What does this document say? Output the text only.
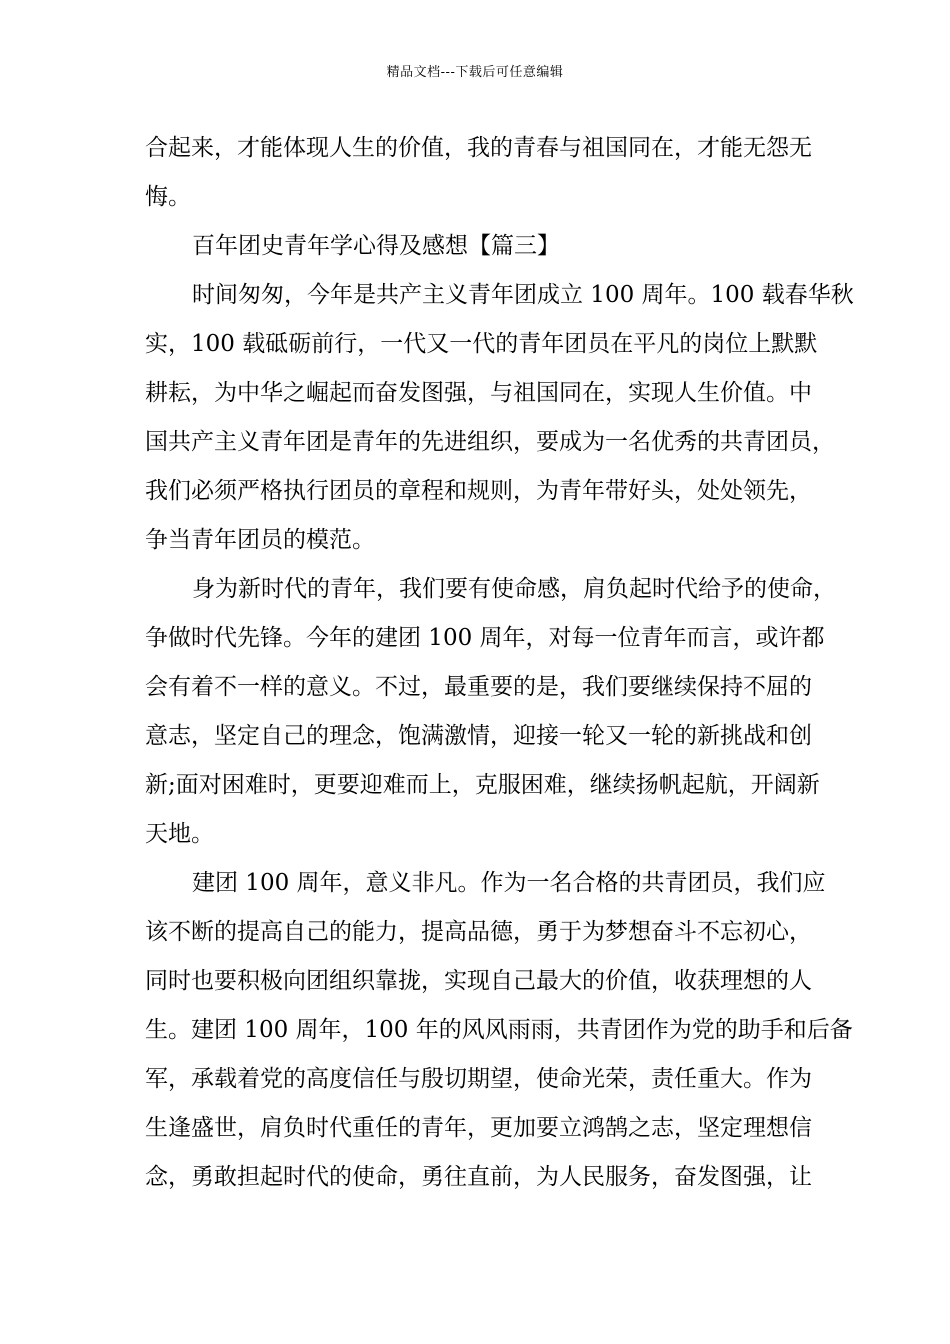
精品文档---下载后可任意编辑
合起来，才能体现人生的价值，我的青春与祖国同在，才能无怨无
悔。
百年团史青年学心得及感想【篇三】
时间匆匆，今年是共产主义青年团成立 100 周年。100 载春华秋
实，100 载砥砺前行，一代又一代的青年团员在平凡的岗位上默默
耕耘，为中华之崛起而奋发图强，与祖国同在，实现人生价值。中
国共产主义青年团是青年的先进组织，要成为一名优秀的共青团员，
我们必须严格执行团员的章程和规则，为青年带好头，处处领先，
争当青年团员的模范。
身为新时代的青年，我们要有使命感，肩负起时代给予的使命，
争做时代先锋。今年的建团 100 周年，对每一位青年而言，或许都
会有着不一样的意义。不过，最重要的是，我们要继续保持不屈的
意志，坚定自己的理念，饱满激情，迎接一轮又一轮的新挑战和创
新;面对困难时，更要迎难而上，克服困难，继续扬帆起航，开阔新
天地。
建团 100 周年，意义非凡。作为一名合格的共青团员，我们应
该不断的提高自己的能力，提高品德，勇于为梦想奋斗不忘初心，
同时也要积极向团组织靠拢，实现自己最大的价值，收获理想的人
生。建团 100 周年，100 年的风风雨雨，共青团作为党的助手和后备
军，承载着党的高度信任与殷切期望，使命光荣，责任重大。作为
生逢盛世，肩负时代重任的青年，更加要立鸿鹄之志，坚定理想信
念，勇敢担起时代的使命，勇往直前，为人民服务，奋发图强，让
